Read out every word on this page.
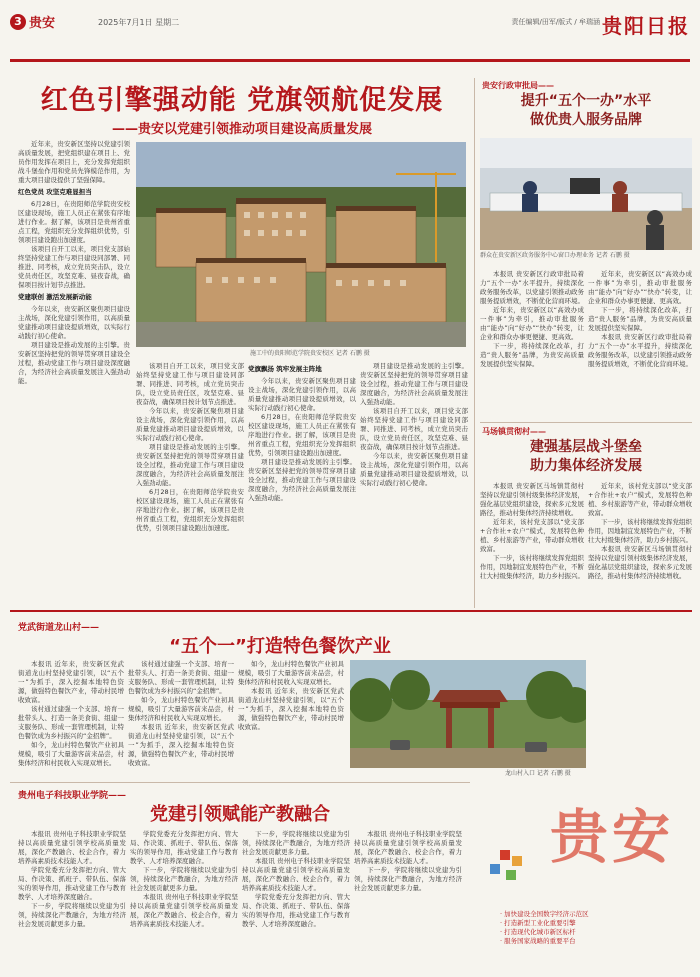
3 贵安	2025年7月1日 星期二	责任编辑/田军/版式 / 牟瑞涵 贵阳日报
红色引擎强动能 党旗领航促发展
——贵安以党建引领推动项目建设高质量发展

近年来，贵安新区坚持以党建引领高质量发展，把党组织建在项目上、党员作用发挥在项目上，充分发挥党组织战斗堡垒作用和党员先锋模范作用，为重大项目建设提供了坚强保障。

红色党员 攻坚克难显担当

6月28日，在贵阳师范学院贵安校区建设现场，施工人员正在紧张有序地进行作业。据了解，该项目是贵州省重点工程，党组织充分发挥组织优势，引领项目建设跑出加速度。

该项目自开工以来，项目党支部始终坚持党建工作与项目建设同部署、同推进、同考核，成立党员突击队，设立党员责任区，攻坚克难、昼夜奋战，确保项目按计划节点推进。

党建联创 激活发展新动能

今年以来，贵安新区聚焦项目建设主战场，深化党建引领作用，以高质量党建推动项目建设提质增效，以实际行动践行初心使命。

项目建设是推动发展的主引擎。贵安新区坚持把党的领导贯穿项目建设全过程，推动党建工作与项目建设深度融合，为经济社会高质量发展注入强劲动能。

施工中的贵阳师范学院贵安校区 记者 石鹏 摄

该项目自开工以来，项目党支部始终坚持党建工作与项目建设同部署、同推进、同考核，成立党员突击队，设立党员责任区，攻坚克难、昼夜奋战，确保项目按计划节点推进。

今年以来，贵安新区聚焦项目建设主战场，深化党建引领作用，以高质量党建推动项目建设提质增效，以实际行动践行初心使命。

项目建设是推动发展的主引擎。贵安新区坚持把党的领导贯穿项目建设全过程，推动党建工作与项目建设深度融合，为经济社会高质量发展注入强劲动能。

6月28日，在贵阳师范学院贵安校区建设现场，施工人员正在紧张有序地进行作业。据了解，该项目是贵州省重点工程，党组织充分发挥组织优势，引领项目建设跑出加速度。

党旗飘扬 筑牢发展主阵地

今年以来，贵安新区聚焦项目建设主战场，深化党建引领作用，以高质量党建推动项目建设提质增效，以实际行动践行初心使命。

6月28日，在贵阳师范学院贵安校区建设现场，施工人员正在紧张有序地进行作业。据了解，该项目是贵州省重点工程，党组织充分发挥组织优势，引领项目建设跑出加速度。

项目建设是推动发展的主引擎。贵安新区坚持把党的领导贯穿项目建设全过程，推动党建工作与项目建设深度融合，为经济社会高质量发展注入强劲动能。

项目建设是推动发展的主引擎。贵安新区坚持把党的领导贯穿项目建设全过程，推动党建工作与项目建设深度融合，为经济社会高质量发展注入强劲动能。

该项目自开工以来，项目党支部始终坚持党建工作与项目建设同部署、同推进、同考核，成立党员突击队，设立党员责任区，攻坚克难、昼夜奋战，确保项目按计划节点推进。

今年以来，贵安新区聚焦项目建设主战场，深化党建引领作用，以高质量党建推动项目建设提质增效，以实际行动践行初心使命。

贵安行政审批局——
提升“五个一办”水平
做优贵人服务品牌
群众在贵安新区政务服务中心窗口办理业务 记者 石鹏 摄

本报讯 贵安新区行政审批局着力“五个一办”水平提升，持续深化政务服务改革，以党建引领推动政务服务提质增效，不断优化营商环境。

近年来，贵安新区以“高效办成一件事”为牵引，推动审批服务由“能办”向“好办”“快办”转变，让企业和群众办事更便捷、更高效。

下一步，将持续深化改革，打造“贵人服务”品牌，为贵安高质量发展提供坚实保障。

近年来，贵安新区以“高效办成一件事”为牵引，推动审批服务由“能办”向“好办”“快办”转变，让企业和群众办事更便捷、更高效。

下一步，将持续深化改革，打造“贵人服务”品牌，为贵安高质量发展提供坚实保障。

本报讯 贵安新区行政审批局着力“五个一办”水平提升，持续深化政务服务改革，以党建引领推动政务服务提质增效，不断优化营商环境。

马场镇贯彻村——
建强基层战斗堡垒
助力集体经济发展

本报讯 贵安新区马场镇贯彻村坚持以党建引领村级集体经济发展，强化基层党组织建设，探索多元发展路径，推动村集体经济持续增收。

近年来，该村党支部以“党支部+合作社+农户”模式，发展特色种植、乡村旅游等产业，带动群众增收致富。

下一步，该村将继续发挥党组织作用，因地制宜发展特色产业，不断壮大村级集体经济，助力乡村振兴。

近年来，该村党支部以“党支部+合作社+农户”模式，发展特色种植、乡村旅游等产业，带动群众增收致富。

下一步，该村将继续发挥党组织作用，因地制宜发展特色产业，不断壮大村级集体经济，助力乡村振兴。

本报讯 贵安新区马场镇贯彻村坚持以党建引领村级集体经济发展，强化基层党组织建设，探索多元发展路径，推动村集体经济持续增收。

党武街道龙山村——
“五个一”打造特色餐饮产业

本报讯 近年来，贵安新区党武街道龙山村坚持党建引领，以“五个一”为抓手，深入挖掘本地特色资源，做强特色餐饮产业，带动村民增收致富。

该村通过建强一个支部、培育一批带头人、打造一条美食街、组建一支服务队、形成一套管理机制，让特色餐饮成为乡村振兴的“金招牌”。

如今，龙山村特色餐饮产业初具规模，吸引了大量游客前来品尝，村集体经济和村民收入实现双增长。

该村通过建强一个支部、培育一批带头人、打造一条美食街、组建一支服务队、形成一套管理机制，让特色餐饮成为乡村振兴的“金招牌”。

如今，龙山村特色餐饮产业初具规模，吸引了大量游客前来品尝，村集体经济和村民收入实现双增长。

本报讯 近年来，贵安新区党武街道龙山村坚持党建引领，以“五个一”为抓手，深入挖掘本地特色资源，做强特色餐饮产业，带动村民增收致富。

如今，龙山村特色餐饮产业初具规模，吸引了大量游客前来品尝，村集体经济和村民收入实现双增长。

本报讯 近年来，贵安新区党武街道龙山村坚持党建引领，以“五个一”为抓手，深入挖掘本地特色资源，做强特色餐饮产业，带动村民增收致富。

龙山村入口 记者 石鹏 摄
贵州电子科技职业学院——
党建引领赋能产教融合

本报讯 贵州电子科技职业学院坚持以高质量党建引领学校高质量发展，深化产教融合、校企合作，着力培养高素质技术技能人才。

学院党委充分发挥把方向、管大局、作决策、抓班子、带队伍、保落实的领导作用，推动党建工作与教育教学、人才培养深度融合。

下一步，学院将继续以党建为引领，持续深化产教融合，为地方经济社会发展贡献更多力量。

学院党委充分发挥把方向、管大局、作决策、抓班子、带队伍、保落实的领导作用，推动党建工作与教育教学、人才培养深度融合。

下一步，学院将继续以党建为引领，持续深化产教融合，为地方经济社会发展贡献更多力量。

本报讯 贵州电子科技职业学院坚持以高质量党建引领学校高质量发展，深化产教融合、校企合作，着力培养高素质技术技能人才。

下一步，学院将继续以党建为引领，持续深化产教融合，为地方经济社会发展贡献更多力量。

本报讯 贵州电子科技职业学院坚持以高质量党建引领学校高质量发展，深化产教融合、校企合作，着力培养高素质技术技能人才。

学院党委充分发挥把方向、管大局、作决策、抓班子、带队伍、保落实的领导作用，推动党建工作与教育教学、人才培养深度融合。

本报讯 贵州电子科技职业学院坚持以高质量党建引领学校高质量发展，深化产教融合、校企合作，着力培养高素质技术技能人才。

下一步，学院将继续以党建为引领，持续深化产教融合，为地方经济社会发展贡献更多力量。

贵安
· 加快建设全国数字经济示范区
· 打造新型工业化重要引擎
· 打造现代化城市新区标杆
· 服务国家战略的重要平台
